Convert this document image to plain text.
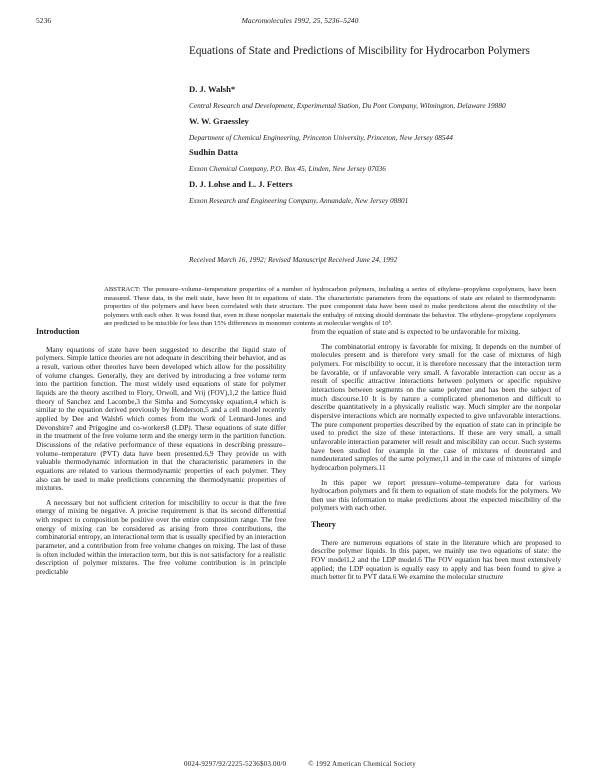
5236	Macromolecules 1992, 25, 5236–5240
Equations of State and Predictions of Miscibility for Hydrocarbon Polymers
D. J. Walsh*
Central Research and Development, Experimental Station, Du Pont Company, Wilmington, Delaware 19880
W. W. Graessley
Department of Chemical Engineering, Princeton University, Princeton, New Jersey 08544
Sudhin Datta
Exxon Chemical Company, P.O. Box 45, Linden, New Jersey 07036
D. J. Lohse and L. J. Fetters
Exxon Research and Engineering Company, Annandale, New Jersey 08801
Received March 16, 1992; Revised Manuscript Received June 24, 1992
ABSTRACT: The pressure–volume–temperature properties of a number of hydrocarbon polymers, including a series of ethylene–propylene copolymers, have been measured. These data, in the melt state, have been fit to equations of state. The characteristic parameters from the equations of state are related to thermodynamic properties of the polymers and have been correlated with their structure. The pure component data have been used to make predictions about the miscibility of the polymers with each other. It was found that, even in these nonpolar materials the enthalpy of mixing should dominate the behavior. The ethylene–propylene copolymers are predicted to be miscible for less than 15% differences in monomer contents at molecular weights of 10⁵.
Introduction

Many equations of state have been suggested to describe the liquid state of polymers. Simple lattice theories are not adequate in describing their behavior, and as a result, various other theories have been developed which allow for the possibility of volume changes. Generally, they are derived by introducing a free volume term into the partition function. The most widely used equations of state for polymer liquids are the theory ascribed to Flory, Orwoll, and Vrij (FOV),1,2 the lattice fluid theory of Sanchez and Lacombe,3 the Simha and Somcynsky equation,4 which is similar to the equation derived previously by Henderson,5 and a cell model recently applied by Dee and Walsh6 which comes from the work of Lennard-Jones and Devonshire7 and Prigogine and co-workers8 (LDP). These equations of state differ in the treatment of the free volume term and the energy term in the partition function. Discussions of the relative performance of these equations in describing pressure–volume–temperature (PVT) data have been presented.6,9 They provide us with valuable thermodynamic information in that the characteristic parameters in the equations are related to various thermodynamic properties of each polymer. They also can be used to make predictions concerning the thermodynamic properties of mixtures.

A necessary but not sufficient criterion for miscibility to occur is that the free energy of mixing be negative. A precise requirement is that its second differential with respect to composition be positive over the entire composition range. The free energy of mixing can be considered as arising from three contributions, the combinatorial entropy, an interactional term that is usually specified by an interaction parameter, and a contribution from free volume changes on mixing. The last of these is often included within the interaction term, but this is not satisfactory for a realistic description of polymer mixtures. The free volume contribution is in principle predictable

from the equation of state and is expected to be unfavorable for mixing.

The combinatorial entropy is favorable for mixing. It depends on the number of molecules present and is therefore very small for the case of mixtures of high polymers. For miscibility to occur, it is therefore necessary that the interaction term be favorable, or if unfavorable very small. A favorable interaction can occur as a result of specific attractive interactions between polymers or specific repulsive interactions between segments on the same polymer and has been the subject of much discourse.10 It is by nature a complicated phenomenon and difficult to describe quantitatively in a physically realistic way. Much simpler are the nonpolar dispersive interactions which are normally expected to give unfavorable interactions. The pure component properties described by the equation of state can in principle be used to predict the size of these interactions. If these are very small, a small unfavorable interaction parameter will result and miscibility can occur. Such systems have been studied for example in the case of mixtures of deuterated and nondeuterated samples of the same polymer,11 and in the case of mixtures of simple hydrocarbon polymers.11

In this paper we report pressure–volume–temperature data for various hydrocarbon polymers and fit them to equation of state models for the polymers. We then use this information to make predictions about the expected miscibility of the polymers with each other.

Theory

There are numerous equations of state in the literature which are proposed to describe polymer liquids. In this paper, we mainly use two equations of state: the FOV model1,2 and the LDP model.6 The FOV equation has been most extensively applied; the LDP equation is equally easy to apply and has been found to give a much better fit to PVT data.6 We examine the molecular structure

0024-9297/92/2225-5236$03.00/0	© 1992 American Chemical Society
